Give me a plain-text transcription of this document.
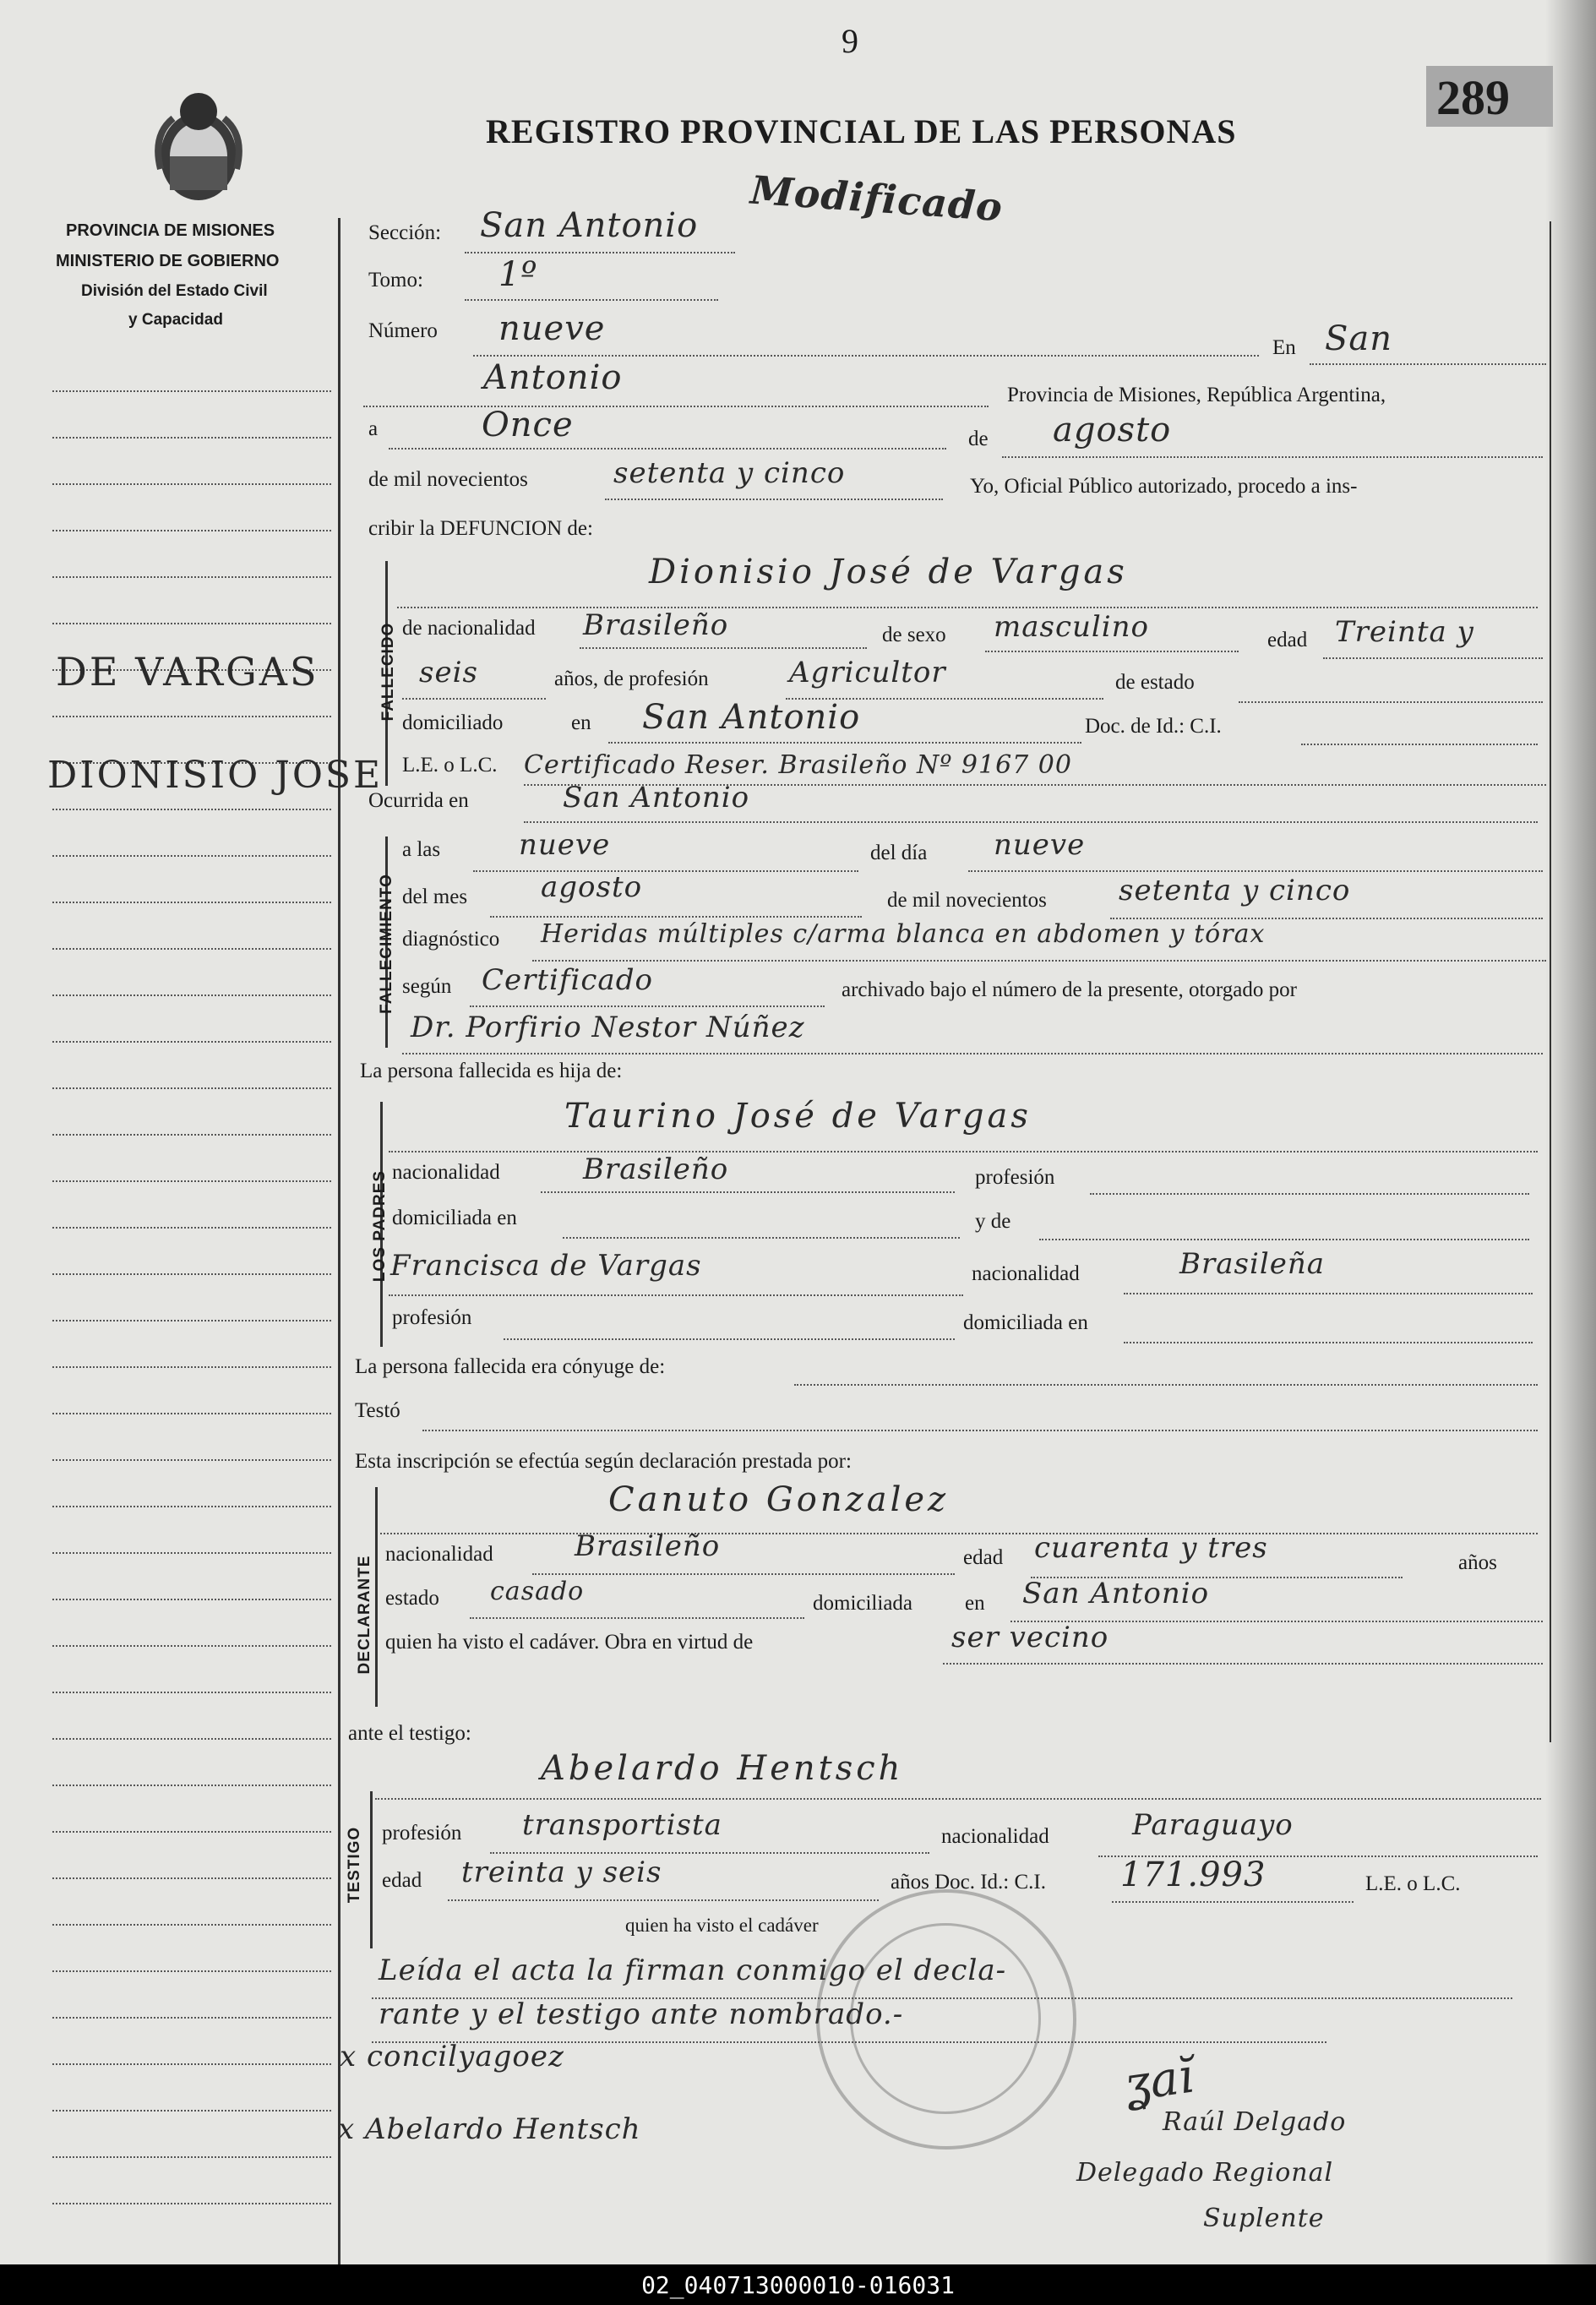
PROVINCIA DE MISIONES
MINISTERIO DE GOBIERNO
División del Estado Civil
y Capacidad
9
289
REGISTRO PROVINCIAL DE LAS PERSONAS
Modificado
DE VARGAS
DIONISIO JOSE
Sección: San Antonio
Tomo: 1º
Número nueve	En San
Antonio	Provincia de Misiones, República Argentina,
a	Once	de agosto
de mil novecientos	setenta y cinco	Yo, Oficial Público autorizado, procedo a ins-
cribir la DEFUNCION de:
FALLECIDO
Dionisio José de Vargas
de nacionalidad Brasileño	de sexo masculino	edad Treinta y
seis	años, de profesión	Agricultor	de estado
domiciliado	en San Antonio	Doc. de Id.: C.I.
L.E. o L.C. Certificado Reser. Brasileño Nº 9167 00
Ocurrida en	San Antonio
FALLECIMIENTO
a las	nueve	del día nueve
del mes	agosto	de mil novecientos	setenta y cinco
diagnóstico Heridas múltiples c/arma blanca en abdomen y tórax
según Certificado	archivado bajo el número de la presente, otorgado por
Dr. Porfirio Nestor Núñez
La persona fallecida es hija de:
LOS PADRES
Taurino José de Vargas
nacionalidad	Brasileño	profesión
domiciliada en	y de
Francisca de Vargas	nacionalidad	Brasileña
profesión	domiciliada en
La persona fallecida era cónyuge de:
Testó
Esta inscripción se efectúa según declaración prestada por:
DECLARANTE
Canuto Gonzalez
nacionalidad	Brasileño	edad cuarenta y tres	años
estado casado	domiciliada en San Antonio
quien ha visto el cadáver. Obra en virtud de	ser vecino
ante el testigo:
TESTIGO
Abelardo Hentsch
profesión transportista	nacionalidad	Paraguayo
edad treinta y seis	años Doc. Id.: C.I. 171.993	L.E. o L.C.
quien ha visto el cadáver
Leída el acta la firman conmigo el decla-
rante y el testigo ante nombrado.-
x concilyagoez
x Abelardo Hentsch
ʓaĭ
Raúl Delgado
Delegado Regional
Suplente
02_040713000010-016031
